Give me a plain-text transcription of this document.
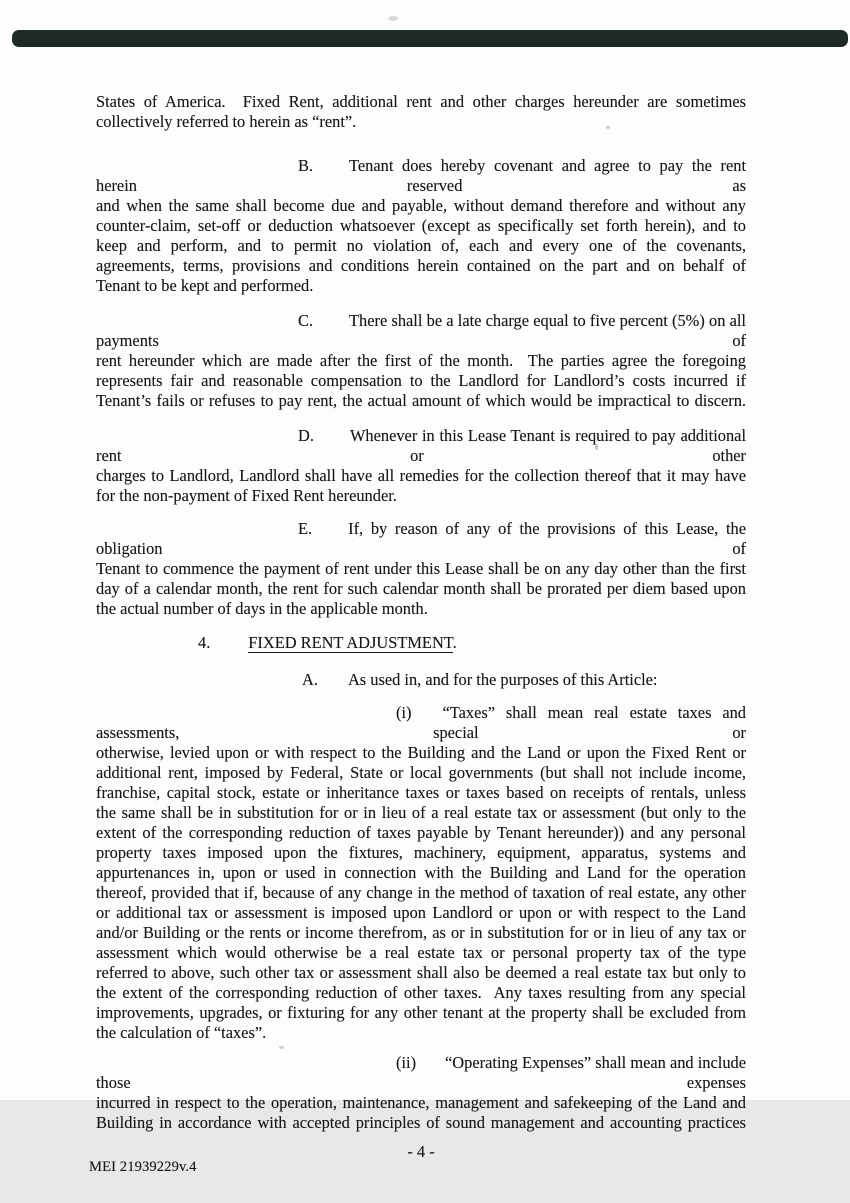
States of America.  Fixed Rent, additional rent and other charges hereunder are sometimes
collectively referred to herein as “rent”.
B. Tenant does hereby covenant and agree to pay the rent herein reserved as
and when the same shall become due and payable, without demand therefore and without any
counter-claim, set-off or deduction whatsoever (except as specifically set forth herein), and to
keep and perform, and to permit no violation of, each and every one of the covenants,
agreements, terms, provisions and conditions herein contained on the part and on behalf of
Tenant to be kept and performed.
C. There shall be a late charge equal to five percent (5%) on all payments of
rent hereunder which are made after the first of the month.  The parties agree the foregoing
represents fair and reasonable compensation to the Landlord for Landlord’s costs incurred if
Tenant’s fails or refuses to pay rent, the actual amount of which would be impractical to discern.
D. Whenever in this Lease Tenant is required to pay additional rent or other
charges to Landlord, Landlord shall have all remedies for the collection thereof that it may have
for the non-payment of Fixed Rent hereunder.
E. If, by reason of any of the provisions of this Lease, the obligation of
Tenant to commence the payment of rent under this Lease shall be on any day other than the first
day of a calendar month, the rent for such calendar month shall be prorated per diem based upon
the actual number of days in the applicable month.
4. FIXED RENT ADJUSTMENT.
A. As used in, and for the purposes of this Article:
(i) “Taxes” shall mean real estate taxes and assessments, special or
otherwise, levied upon or with respect to the Building and the Land or upon the Fixed Rent or
additional rent, imposed by Federal, State or local governments (but shall not include income,
franchise, capital stock, estate or inheritance taxes or taxes based on receipts of rentals, unless
the same shall be in substitution for or in lieu of a real estate tax or assessment (but only to the
extent of the corresponding reduction of taxes payable by Tenant hereunder)) and any personal
property taxes imposed upon the fixtures, machinery, equipment, apparatus, systems and
appurtenances in, upon or used in connection with the Building and Land for the operation
thereof, provided that if, because of any change in the method of taxation of real estate, any other
or additional tax or assessment is imposed upon Landlord or upon or with respect to the Land
and/or Building or the rents or income therefrom, as or in substitution for or in lieu of any tax or
assessment which would otherwise be a real estate tax or personal property tax of the type
referred to above, such other tax or assessment shall also be deemed a real estate tax but only to
the extent of the corresponding reduction of other taxes.  Any taxes resulting from any special
improvements, upgrades, or fixturing for any other tenant at the property shall be excluded from
the calculation of “taxes”.
(ii) “Operating Expenses” shall mean and include those expenses
incurred in respect to the operation, maintenance, management and safekeeping of the Land and
Building in accordance with accepted principles of sound management and accounting practices
- 4 -
MEI 21939229v.4
